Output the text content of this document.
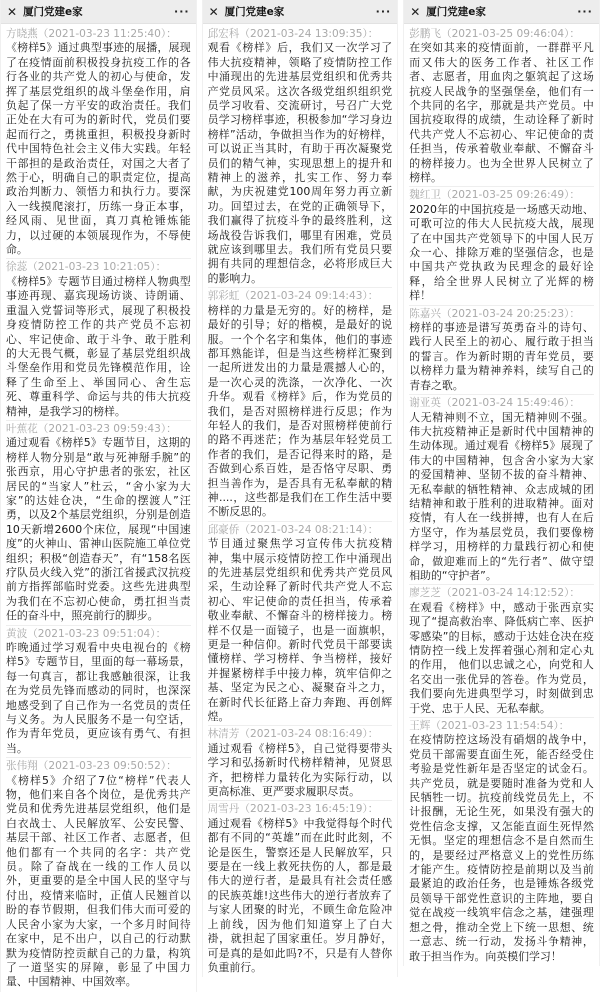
✕ 厦门党建e家	···
方晓燕 （ 2021-03-23 11:25:40 ）：
《榜样5》通过典型事迹的展播，展现了在疫情面前积极投身抗疫工作的各行各业的共产党人的初心与使命，发挥了基层党组织的战斗堡垒作用，肩负起了保一方平安的政治责任。我们正处在大有可为的新时代，党员们要起而行之，勇挑重担，积极投身新时代中国特色社会主义伟大实践。年轻干部担的是政治责任，对国之大者了然于心，明确自己的职责定位，提高政治判断力、领悟力和执行力。要深入一线摸爬滚打，历练一身正本事，经风雨、见世面，真刀真枪锤炼能力，以过硬的本领展现作为，不辱使命。
徐蕊 （ 2021-03-23 10:21:05 ）：
《榜样5》专题节目通过榜样人物典型事迹再现、嘉宾现场访谈、诗朗诵、重温入党誓词等形式，展现了积极投身疫情防控工作的共产党员不忘初心、牢记使命、敢于斗争、敢于胜利的大无畏气概，彰显了基层党组织战斗堡垒作用和党员先锋模范作用，诠释了生命至上、举国同心、舍生忘死、尊重科学、命运与共的伟大抗疫精神，是我学习的榜样。
叶蕉花 （ 2021-03-23 09:59:43 ）：
通过观看《榜样5》专题节目，这期的榜样人物分别是“敢与死神掰手腕”的张西京，用心守护患者的张宏，社区居民的“当家人”杜云，“舍小家为大家”的达娃仓决，“生命的摆渡人”汪勇，以及2个基层党组织，分别是创造10天新增2600个床位，展现“中国速度”的火神山、雷神山医院施工单位党组织；积极“创造春天”，有“158名医疗队员火线入党”的浙江省援武汉抗疫前方指挥部临时党委。这些先进典型为我们在不忘初心使命，勇扛担当责任的奋斗中，照亮前行的脚步。
黄波 （ 2021-03-23 09:51:04 ）：
昨晚通过学习观看中央电视台的《榜样5》专题节目，里面的每一幕场景，每一句真言，都让我感触很深，让我在为党员先锋而感动的同时，也深深地感受到了自己作为一名党员的责任与义务。为人民服务不是一句空话，作为青年党员，更应该有勇气、有担当。
张伟翔 （ 2021-03-23 09:50:52 ）：
《榜样5》介绍了7位“榜样”代表人物，他们来自各个岗位，是优秀共产党员和优秀先进基层党组织，他们是白衣战士、人民解放军、公安民警、基层干部、社区工作者、志愿者，但他们都有一个共同的名字：共产党员。除了奋战在一线的工作人员以外，更重要的是全中国人民的坚守与付出，疫情来临时，正值人民翘首以盼的春节假期，但我们伟大而可爱的人民舍小家为大家，一个多月时间待在家中，足不出户，以自己的行动默默为疫情防控贡献自己的力量，构筑了一道坚实的屏障，彰显了中国力量、中国精神、中国效率。
✕ 厦门党建e家	···
邱宏科 （ 2021-03-24 13:09:35 ）：
观看《榜样》后，我们又一次学习了伟大抗疫精神，领略了疫情防控工作中涌现出的先进基层党组织和优秀共产党员风采。这次各级党组织组织党员学习收看、交流研讨，号召广大党员学习榜样事迹，积极参加“学习身边榜样”活动，争做担当作为的好榜样，可以说正当其时，有助于再次凝聚党员们的精气神，实现思想上的提升和精神上的滋养，扎实工作、努力奉献，为庆祝建党100周年努力再立新功。回望过去，在党的正确领导下，我们赢得了抗疫斗争的最终胜利，这场战役告诉我们，哪里有困难，党员就应该到哪里去。我们所有党员只要拥有共同的理想信念，必将形成巨大的影响力。
郭彩虹 （ 2021-03-24 09:14:43 ）：
榜样的力量是无穷的。好的榜样，是最好的引导；好的楷模，是最好的说服。一个个名字和集体，他们的事迹都耳熟能详，但是当这些榜样汇聚到一起所迸发出的力量是震撼人心的，是一次心灵的洗涤，一次净化、一次升华。观看《榜样》后，作为党员的我们，是否对照榜样进行反思；作为年轻人的我们，是否对照榜样使前行的路不再迷茫；作为基层年轻党员工作者的我们，是否记得来时的路，是否做到心系百姓，是否恪守尽职、勇担当善作为，是否具有无私奉献的精神....，这些都是我们在工作生活中要不断反思的。
邱豪侨 （ 2021-03-24 08:21:14 ）：
节目通过聚焦学习宣传伟大抗疫精神，集中展示疫情防控工作中涌现出的先进基层党组织和优秀共产党员风采，生动诠释了新时代共产党人不忘初心、牢记使命的责任担当，传承着敬业奉献、不懈奋斗的榜样接力。榜样不仅是一面镜子，也是一面旗帜，更是一种信仰。新时代党员干部要读懂榜样、学习榜样、争当榜样，接好并握紧榜样手中接力棒，筑牢信仰之基、坚定为民之心、凝聚奋斗之力，在新时代长征路上奋力奔跑、再创辉煌。
林清芳 （ 2021-03-24 08:16:49 ）：
通过观看《榜样5》，自己觉得要带头学习和弘扬新时代榜样精神，见贤思齐，把榜样力量转化为实际行动，以更高标准、更严要求履职尽责。
周雪丹 （ 2021-03-23 16:45:19 ）：
通过观看《榜样5》中我觉得每个时代都有不同的“英雄”而在此时此刻，不论是医生，警察还是人民解放军，只要是在一线上救死扶伤的人，都是最伟大的逆行者，是最具有社会责任感的民族英雄!这些伟大的逆行者放弃了与家人团聚的时光，不顾生命危险冲上前线，因为他们知道穿上了白大褂，就担起了国家重任。岁月静好，可是真的是如此吗?不，只是有人替你负重前行。
✕ 厦门党建e家	···
彭鹏飞 （ 2021-03-25 09:46:04 ）：
在突如其来的疫情面前，一群群平凡而又伟大的医务工作者、社区工作者、志愿者，用血肉之躯筑起了这场抗疫人民战争的坚强堡垒，他们有一个共同的名字，那就是共产党员。中国抗疫取得的成绩，生动诠释了新时代共产党人不忘初心、牢记使命的责任担当，传承着敬业奉献、不懈奋斗的榜样接力。也为全世界人民树立了榜样。
魏红卫 （ 2021-03-25 09:26:49 ）：
2020年的中国抗疫是一场感天动地、可歌可泣的伟大人民抗疫大战，展现了在中国共产党领导下的中国人民万众一心、排除万难的坚强信念，也是中国共产党执政为民理念的最好诠释，给全世界人民树立了光辉的榜样！
陈嘉兴 （ 2021-03-24 20:25:23 ）：
榜样的事迹是谱写英勇奋斗的诗句、践行人民至上的初心、履行敢于担当的誓言。作为新时期的青年党员，要以榜样力量为精神养料，续写自己的青春之歌。
谢亚英 （ 2021-03-24 15:49:46 ）：
人无精神则不立，国无精神则不强。伟大抗疫精神正是新时代中国精神的生动体现。通过观看《榜样5》展现了伟大的中国精神，包含舍小家为大家的爱国精神、坚韧不拔的奋斗精神、无私奉献的牺牲精神、众志成城的团结精神和敢于胜利的进取精神。面对疫情，有人在一线拼搏，也有人在后方坚守，作为基层党员，我们要像榜样学习，用榜样的力量践行初心和使命，做迎难而上的“先行者”、做守望相助的“守护者”。
廖芝芝 （ 2021-03-24 14:12:52 ）：
在观看《榜样》中，感动于张西京实现了“提高救治率、降低病亡率、医护零感染”的目标，感动于达娃仓决在疫情防控一线上发挥着强心剂和定心丸的作用， 他们以忠诚之心，向党和人名交出一张优异的答卷。作为党员，我们要向先进典型学习，时刻做到忠于党、忠于人民、无私奉献。
王辉 （ 2021-03-23 11:54:54 ）：
在疫情防控这场没有硝烟的战争中，党员干部需要直面生死，能否经受住考验是党性新年是否坚定的试金石。共产党员，就是要随时准备为党和人民牺牲一切。抗疫前线党员先上，不计报酬，无论生死，如果没有强大的党性信念支撑，又怎能直面生死悍然无惧。坚定的理想信念不是自然而生的，是要经过严格意义上的党性历练才能产生。疫情防控是前期以及当前最紧迫的政治任务，也是锤炼各级党员领导干部党性意识的主阵地，要自觉在战疫一线筑牢信念之基，建强理想之骨，推动全党上下统一思想、统一意志、统一行动，发扬斗争精神，敢于担当作为。向英模们学习！
